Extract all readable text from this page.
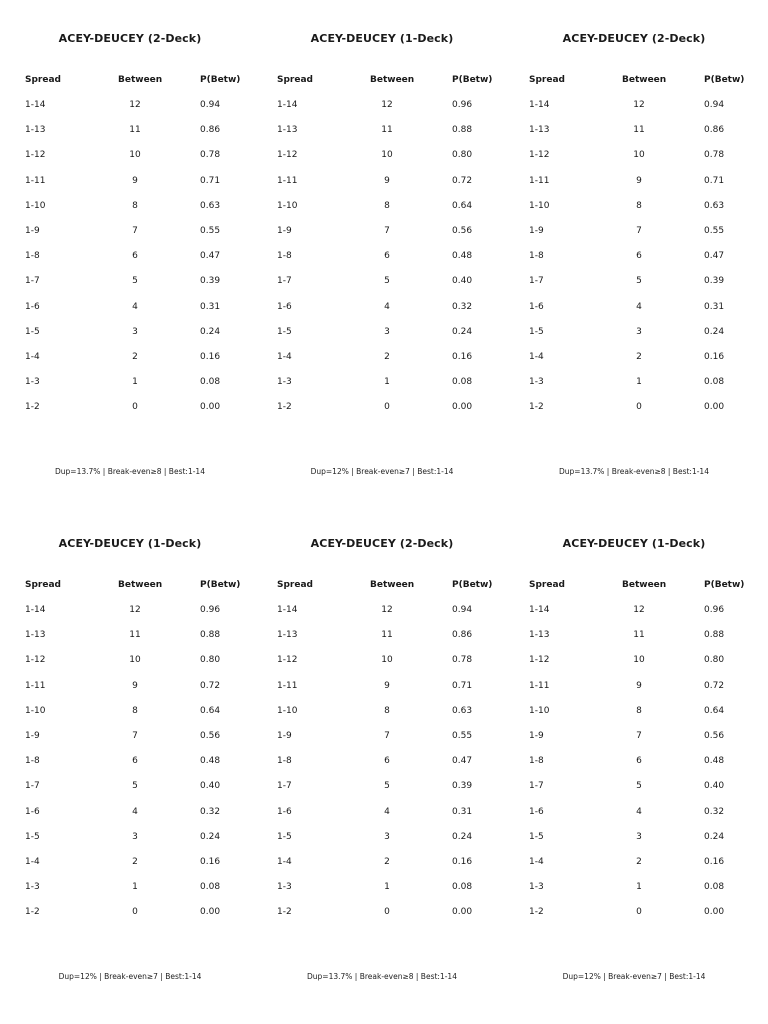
ACEY-DEUCEY (2-Deck)
Spread	Between	P(Betw)
1-14	12	0.94
1-13	11	0.86
1-12	10	0.78
1-11	9	0.71
1-10	8	0.63
1-9	7	0.55
1-8	6	0.47
1-7	5	0.39
1-6	4	0.31
1-5	3	0.24
1-4	2	0.16
1-3	1	0.08
1-2	0	0.00
Dup=13.7% | Break-even≥8 | Best:1-14
ACEY-DEUCEY (1-Deck)
Spread	Between	P(Betw)
1-14	12	0.96
1-13	11	0.88
1-12	10	0.80
1-11	9	0.72
1-10	8	0.64
1-9	7	0.56
1-8	6	0.48
1-7	5	0.40
1-6	4	0.32
1-5	3	0.24
1-4	2	0.16
1-3	1	0.08
1-2	0	0.00
Dup=12% | Break-even≥7 | Best:1-14
ACEY-DEUCEY (2-Deck)
Spread	Between	P(Betw)
1-14	12	0.94
1-13	11	0.86
1-12	10	0.78
1-11	9	0.71
1-10	8	0.63
1-9	7	0.55
1-8	6	0.47
1-7	5	0.39
1-6	4	0.31
1-5	3	0.24
1-4	2	0.16
1-3	1	0.08
1-2	0	0.00
Dup=13.7% | Break-even≥8 | Best:1-14
ACEY-DEUCEY (1-Deck)
Spread	Between	P(Betw)
1-14	12	0.96
1-13	11	0.88
1-12	10	0.80
1-11	9	0.72
1-10	8	0.64
1-9	7	0.56
1-8	6	0.48
1-7	5	0.40
1-6	4	0.32
1-5	3	0.24
1-4	2	0.16
1-3	1	0.08
1-2	0	0.00
Dup=12% | Break-even≥7 | Best:1-14
ACEY-DEUCEY (2-Deck)
Spread	Between	P(Betw)
1-14	12	0.94
1-13	11	0.86
1-12	10	0.78
1-11	9	0.71
1-10	8	0.63
1-9	7	0.55
1-8	6	0.47
1-7	5	0.39
1-6	4	0.31
1-5	3	0.24
1-4	2	0.16
1-3	1	0.08
1-2	0	0.00
Dup=13.7% | Break-even≥8 | Best:1-14
ACEY-DEUCEY (1-Deck)
Spread	Between	P(Betw)
1-14	12	0.96
1-13	11	0.88
1-12	10	0.80
1-11	9	0.72
1-10	8	0.64
1-9	7	0.56
1-8	6	0.48
1-7	5	0.40
1-6	4	0.32
1-5	3	0.24
1-4	2	0.16
1-3	1	0.08
1-2	0	0.00
Dup=12% | Break-even≥7 | Best:1-14
